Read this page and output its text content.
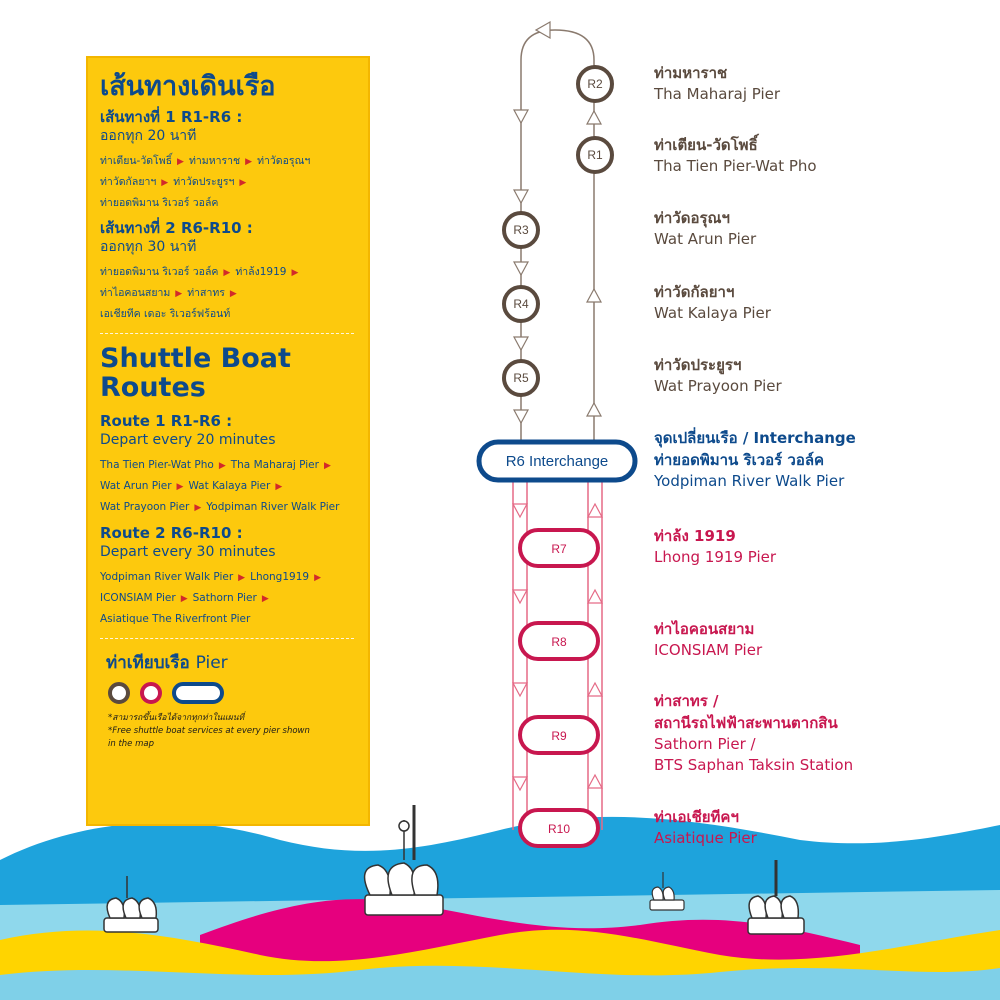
R2
R1
R3
R4
R5
R6 Interchange
R7
R8
R9
R10
เส้นทางเดินเรือ
เส้นทางที่ 1 R1-R6 :
ออกทุก 20 นาที
ท่าเตียน-วัดโพธิ์ ▶ ท่ามหาราช ▶ ท่าวัดอรุณฯ
ท่าวัดกัลยาฯ ▶ ท่าวัดประยูรฯ ▶
ท่ายอดพิมาน ริเวอร์ วอล์ค
เส้นทางที่ 2 R6-R10 :
ออกทุก 30 นาที
ท่ายอดพิมาน ริเวอร์ วอล์ค ▶ ท่าล้ง1919 ▶
ท่าไอคอนสยาม ▶ ท่าสาทร ▶
เอเชียทีค เดอะ ริเวอร์ฟร้อนท์
Shuttle Boat Routes
Route 1 R1-R6 :
Depart every 20 minutes
Tha Tien Pier-Wat Pho ▶ Tha Maharaj Pier ▶
Wat Arun Pier ▶ Wat Kalaya Pier ▶
Wat Prayoon Pier ▶ Yodpiman River Walk Pier
Route 2 R6-R10 :
Depart every 30 minutes
Yodpiman River Walk Pier ▶ Lhong1919 ▶
ICONSIAM Pier ▶ Sathorn Pier ▶
Asiatique The Riverfront Pier
ท่าเทียบเรือ Pier
*สามารถขึ้นเรือได้จากทุกท่าในแผนที่
*Free shuttle boat services at every pier shown
in the map
ท่ามหาราช
Tha Maharaj Pier
ท่าเตียน-วัดโพธิ์
Tha Tien Pier-Wat Pho
ท่าวัดอรุณฯ
Wat Arun Pier
ท่าวัดกัลยาฯ
Wat Kalaya Pier
ท่าวัดประยูรฯ
Wat Prayoon Pier
จุดเปลี่ยนเรือ / Interchange
ท่ายอดพิมาน ริเวอร์ วอล์ค
Yodpiman River Walk Pier
ท่าล้ง 1919
Lhong 1919 Pier
ท่าไอคอนสยาม
ICONSIAM Pier
ท่าสาทร /
สถานีรถไฟฟ้าสะพานตากสิน
Sathorn Pier /
BTS Saphan Taksin Station
ท่าเอเชียทีคฯ
Asiatique Pier
